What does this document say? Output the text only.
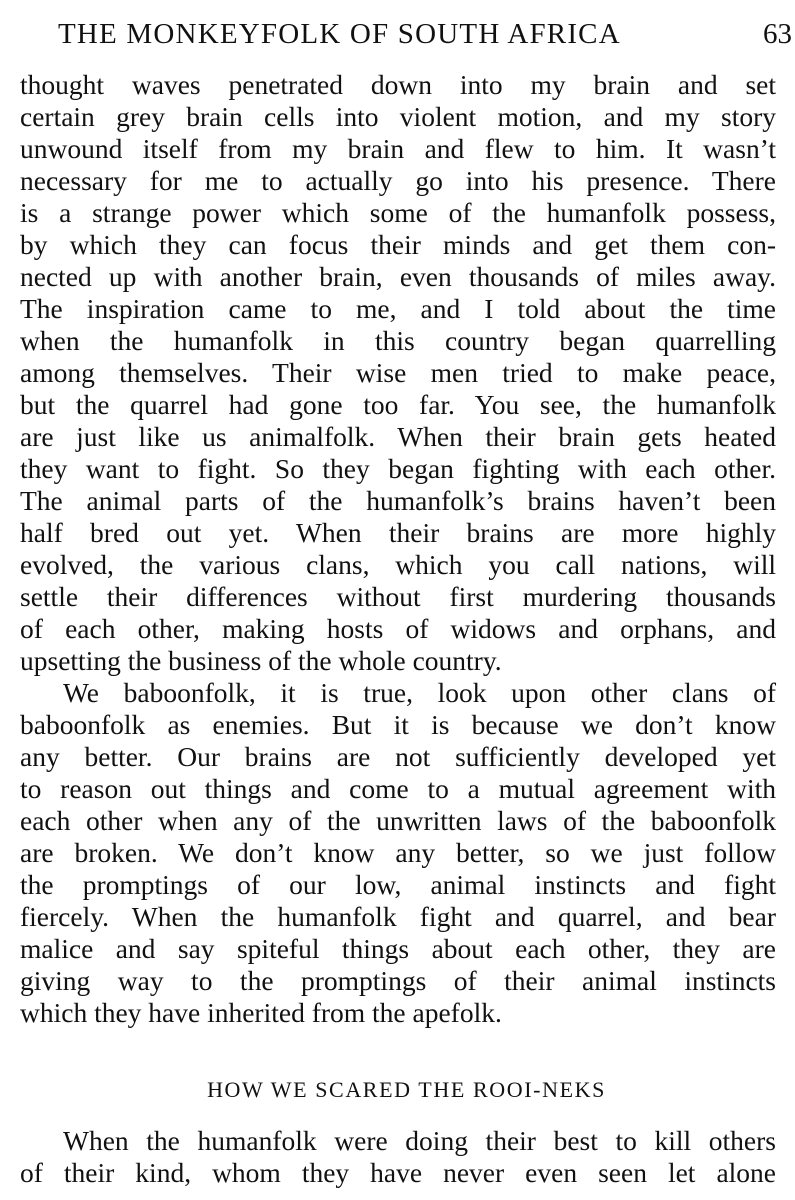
THE MONKEYFOLK OF SOUTH AFRICA	63
thought waves penetrated down into my brain and set
certain grey brain cells into violent motion, and my story
unwound itself from my brain and flew to him. It wasn’t
necessary for me to actually go into his presence. There
is a strange power which some of the humanfolk possess,
by which they can focus their minds and get them con-
nected up with another brain, even thousands of miles away.
The inspiration came to me, and I told about the time
when the humanfolk in this country began quarrelling
among themselves. Their wise men tried to make peace,
but the quarrel had gone too far. You see, the humanfolk
are just like us animalfolk. When their brain gets heated
they want to fight. So they began fighting with each other.
The animal parts of the humanfolk’s brains haven’t been
half bred out yet. When their brains are more highly
evolved, the various clans, which you call nations, will
settle their differences without first murdering thousands
of each other, making hosts of widows and orphans, and
upsetting the business of the whole country.
We baboonfolk, it is true, look upon other clans of
baboonfolk as enemies. But it is because we don’t know
any better. Our brains are not sufficiently developed yet
to reason out things and come to a mutual agreement with
each other when any of the unwritten laws of the baboonfolk
are broken. We don’t know any better, so we just follow
the promptings of our low, animal instincts and fight
fiercely. When the humanfolk fight and quarrel, and bear
malice and say spiteful things about each other, they are
giving way to the promptings of their animal instincts
which they have inherited from the apefolk.
HOW WE SCARED THE ROOI-NEKS
When the humanfolk were doing their best to kill others
of their kind, whom they have never even seen let alone
